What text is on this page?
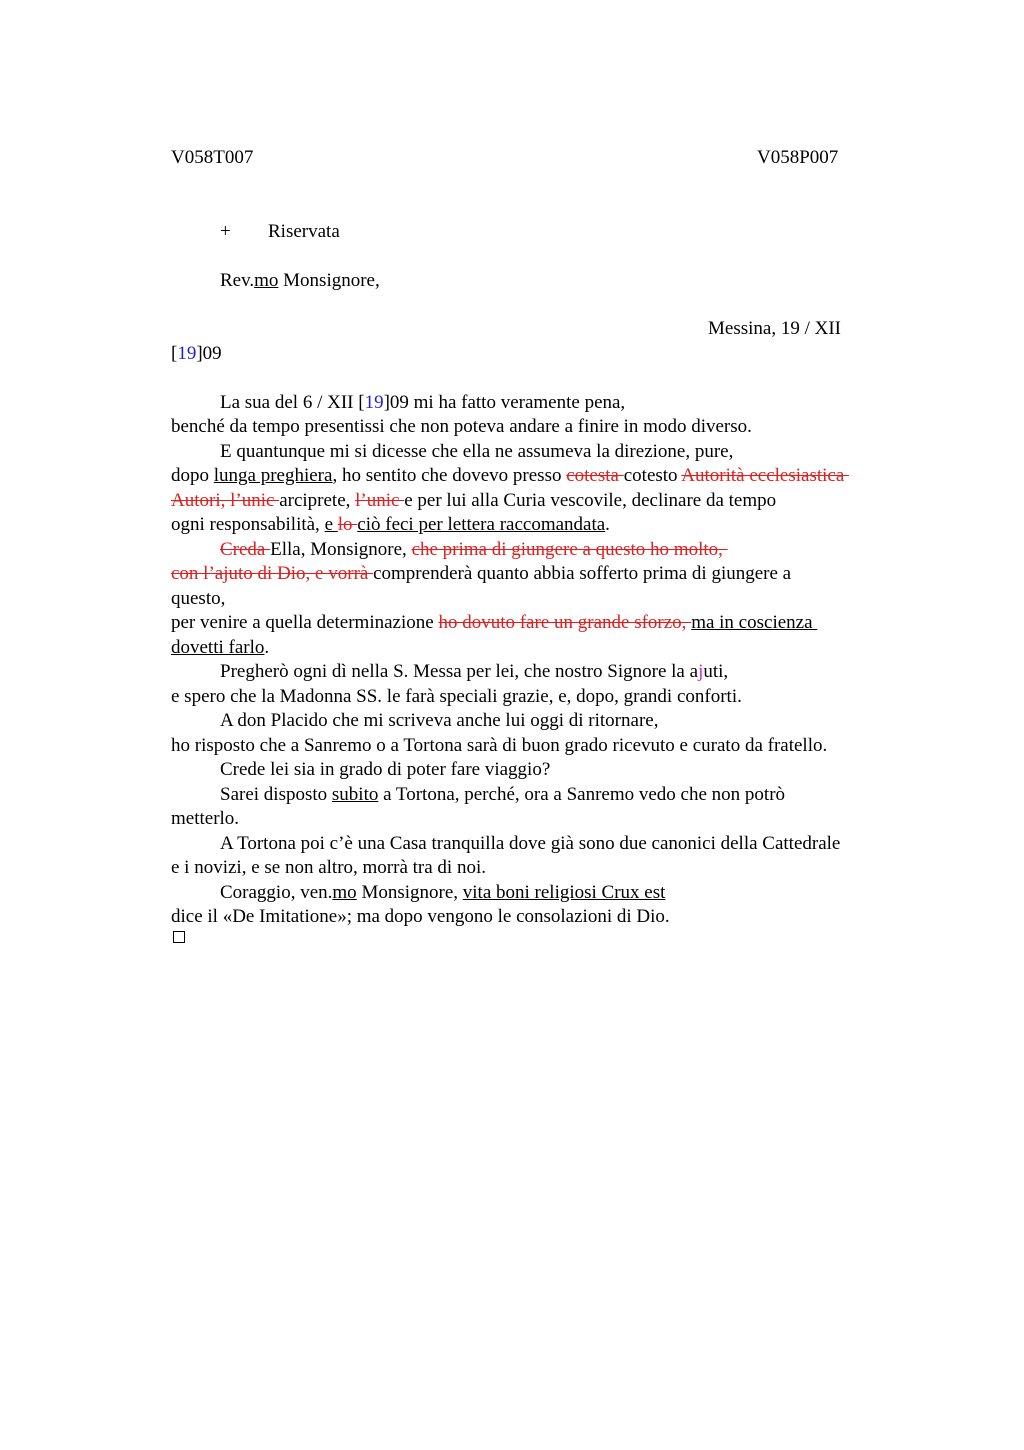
V058T007	V058P007
+ Riservata
Rev.mo Monsignore,
Messina, 19 / XII
[19]09
La sua del 6 / XII [19]09 mi ha fatto veramente pena,
benché da tempo presentissi che non poteva andare a finire in modo diverso.
E quantunque mi si dicesse che ella ne assumeva la direzione, pure,
dopo lunga preghiera, ho sentito che dovevo presso cotesta cotesto Autorità ecclesiastica
Autori, l’unic arciprete, l’unic e per lui alla Curia vescovile, declinare da tempo
ogni responsabilità, e lo ciò feci per lettera raccomandata.
Creda Ella, Monsignore, che prima di giungere a questo ho molto,
con l’ajuto di Dio, e vorrà comprenderà quanto abbia sofferto prima di giungere a
questo,
per venire a quella determinazione ho dovuto fare un grande sforzo, ma in coscienza
dovetti farlo.
Pregherò ogni dì nella S. Messa per lei, che nostro Signore la ajuti,
e spero che la Madonna SS. le farà speciali grazie, e, dopo, grandi conforti.
A don Placido che mi scriveva anche lui oggi di ritornare,
ho risposto che a Sanremo o a Tortona sarà di buon grado ricevuto e curato da fratello.
Crede lei sia in grado di poter fare viaggio?
Sarei disposto subito a Tortona, perché, ora a Sanremo vedo che non potrò
metterlo.
A Tortona poi c’è una Casa tranquilla dove già sono due canonici della Cattedrale
e i novizi, e se non altro, morrà tra di noi.
Coraggio, ven.mo Monsignore, vita boni religiosi Crux est
dice il «De Imitatione»; ma dopo vengono le consolazioni di Dio.
